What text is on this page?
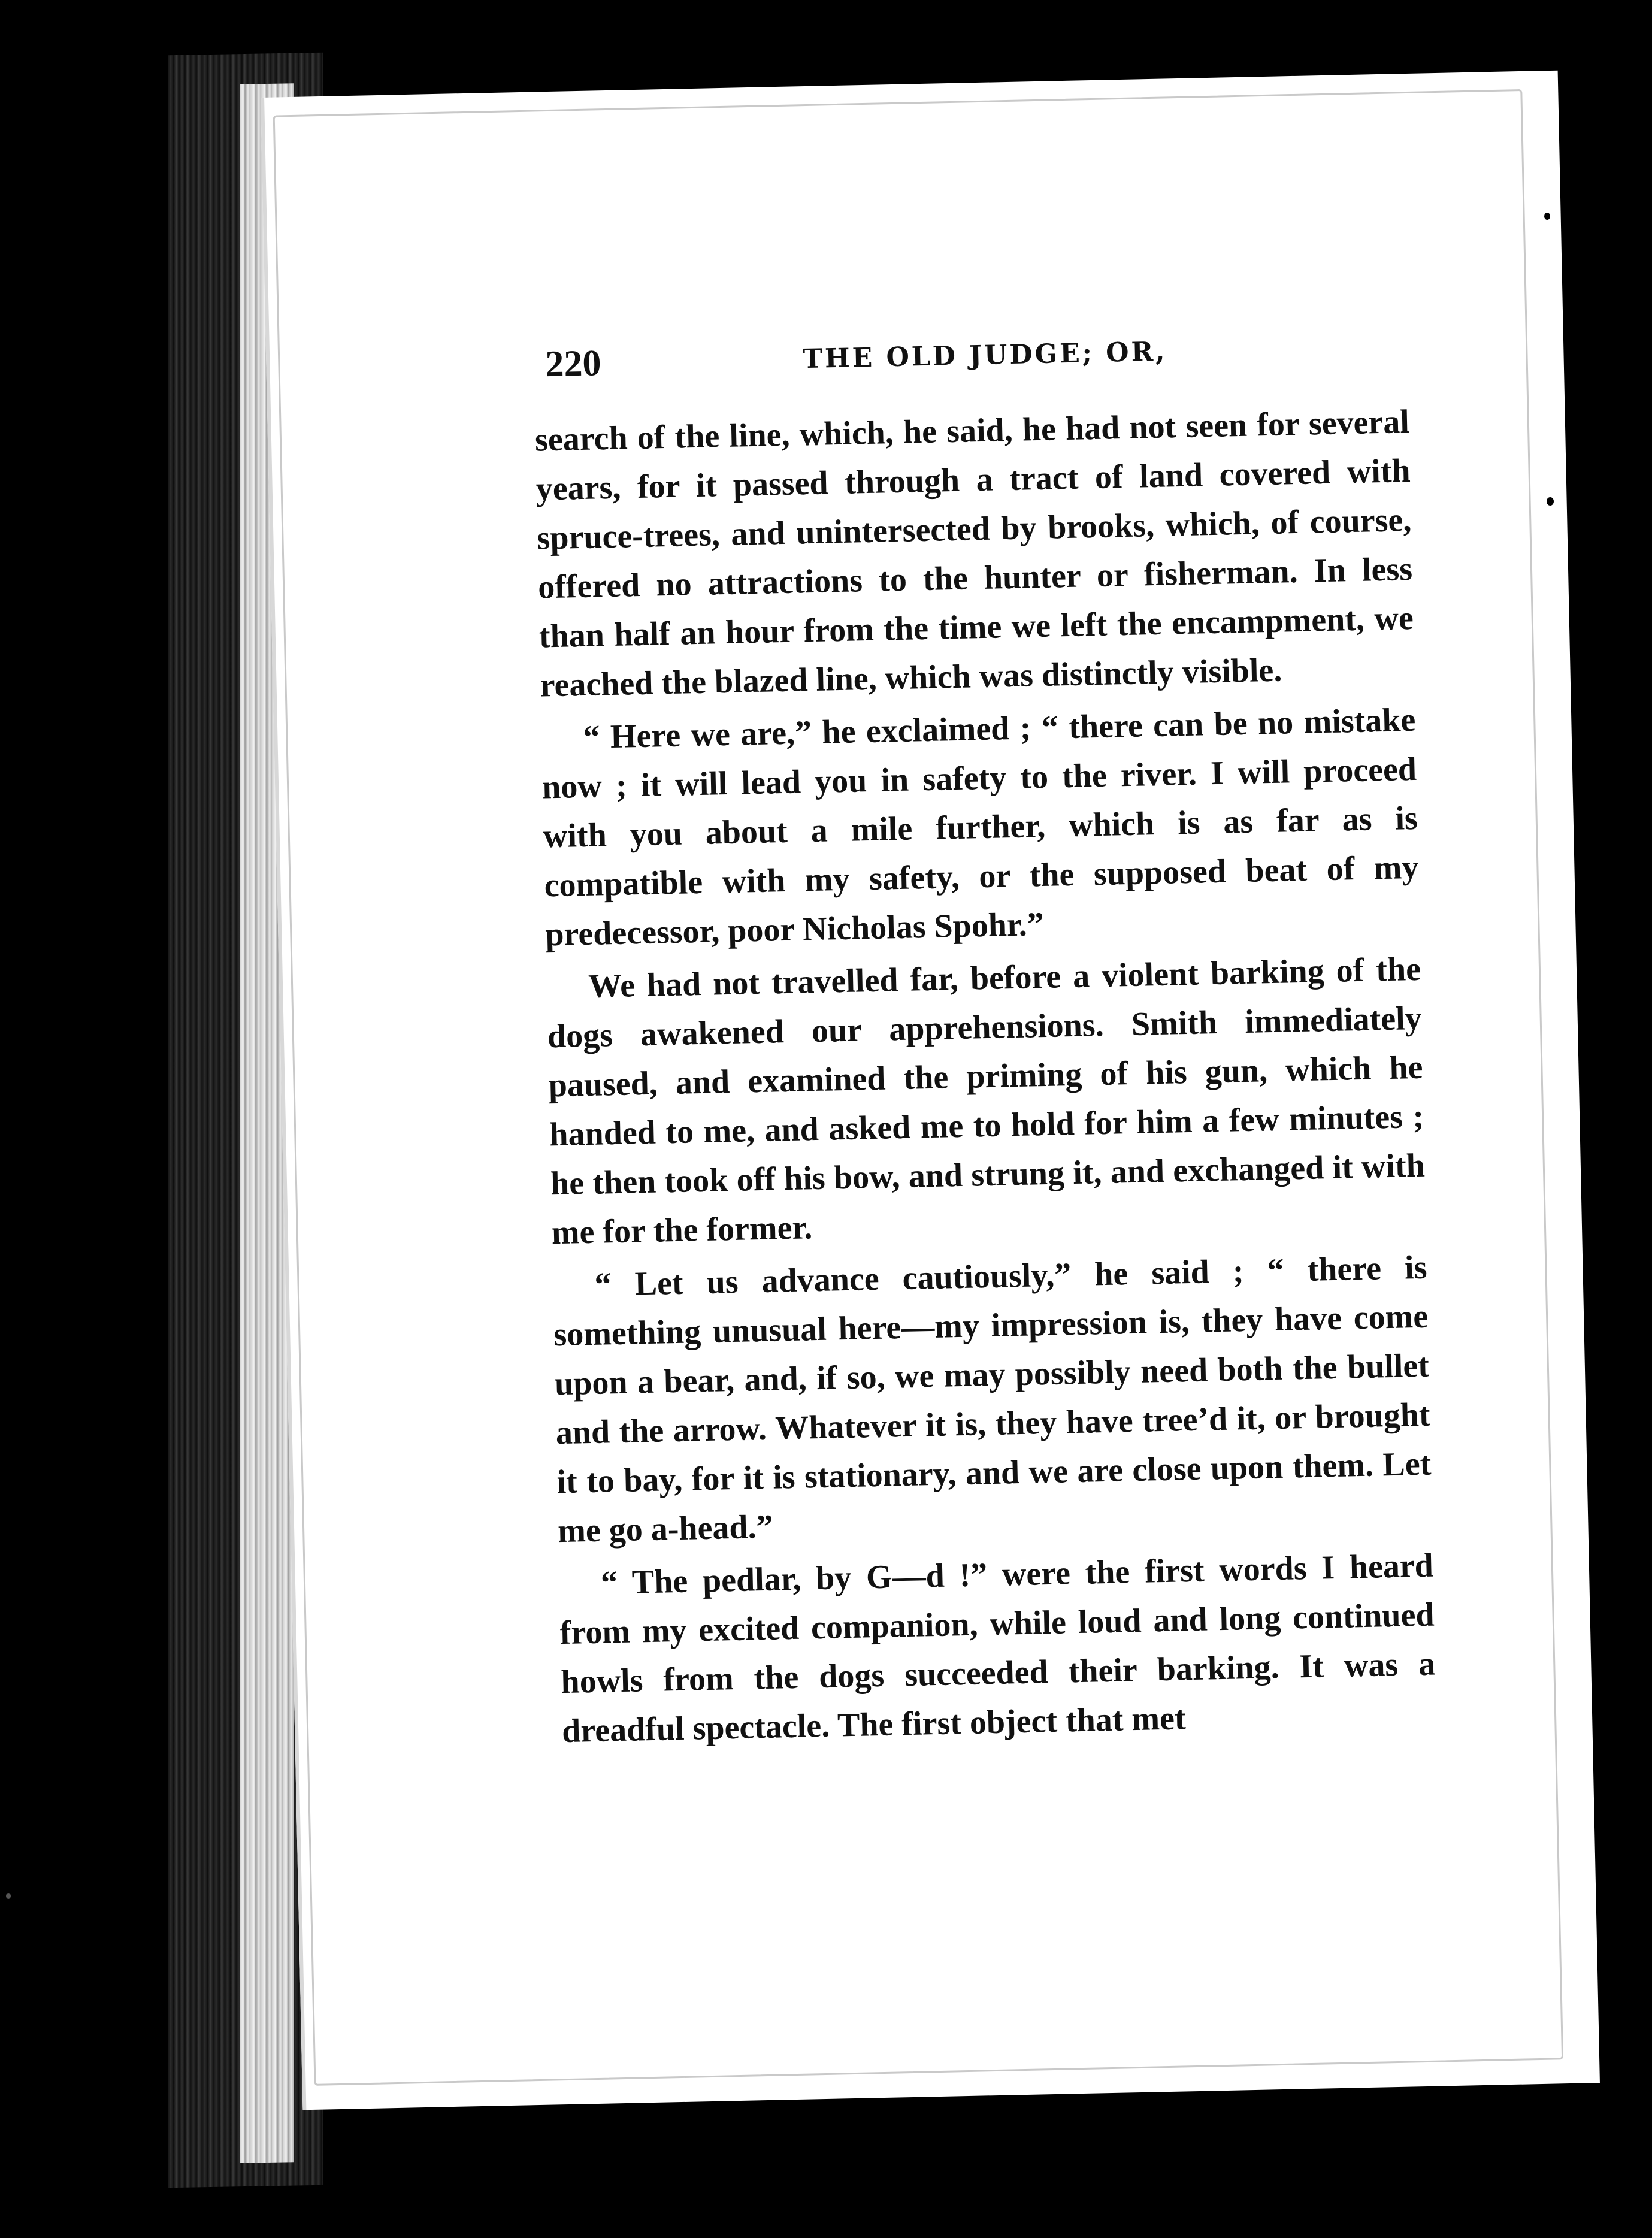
220	THE OLD JUDGE; OR,

search of the line, which, he said, he had not seen for several years, for it passed through a tract of land covered with spruce-trees, and unintersected by brooks, which, of course, offered no attractions to the hunter or fisherman. In less than half an hour from the time we left the encampment, we reached the blazed line, which was distinctly visible.

“ Here we are,” he exclaimed ; “ there can be no mistake now ; it will lead you in safety to the river. I will proceed with you about a mile further, which is as far as is compatible with my safety, or the supposed beat of my predecessor, poor Nicholas Spohr.”

We had not travelled far, before a violent barking of the dogs awakened our apprehensions. Smith immediately paused, and examined the priming of his gun, which he handed to me, and asked me to hold for him a few minutes ; he then took off his bow, and strung it, and exchanged it with me for the former.

“ Let us advance cautiously,” he said ; “ there is something unusual here—my impression is, they have come upon a bear, and, if so, we may possibly need both the bullet and the arrow. Whatever it is, they have tree’d it, or brought it to bay, for it is stationary, and we are close upon them. Let me go a-head.”

“ The pedlar, by G—d !” were the first words I heard from my excited companion, while loud and long continued howls from the dogs succeeded their barking. It was a dreadful spectacle. The first object that met
